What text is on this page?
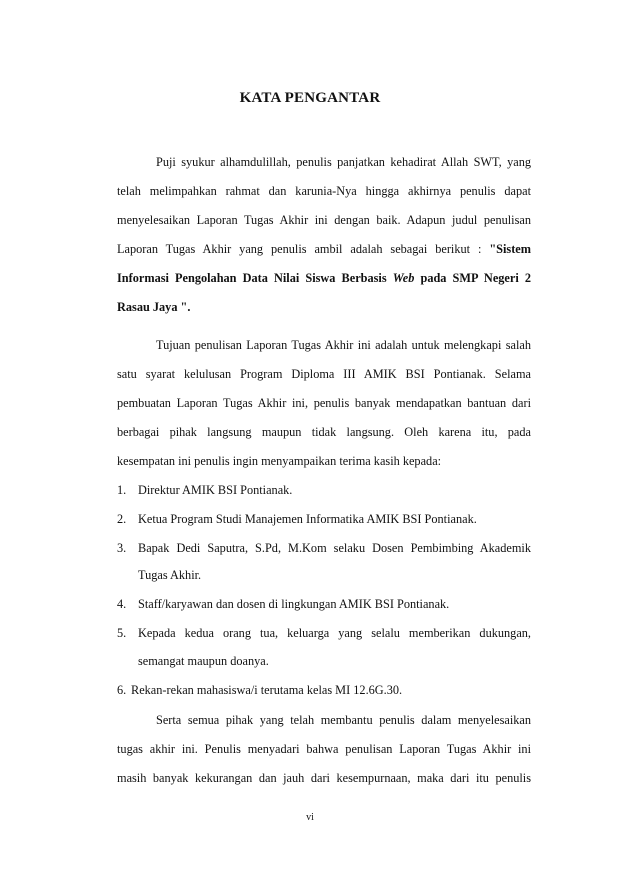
KATA PENGANTAR
Puji syukur alhamdulillah, penulis panjatkan kehadirat Allah SWT, yang
telah melimpahkan rahmat dan karunia-Nya hingga akhirnya penulis dapat
menyelesaikan Laporan Tugas Akhir ini dengan baik. Adapun judul penulisan
Laporan Tugas Akhir yang penulis ambil adalah sebagai berikut : "Sistem
Informasi Pengolahan Data Nilai Siswa Berbasis Web pada SMP Negeri 2
Rasau Jaya ".
Tujuan penulisan Laporan Tugas Akhir ini adalah untuk melengkapi salah
satu syarat kelulusan Program Diploma III AMIK BSI Pontianak. Selama
pembuatan Laporan Tugas Akhir ini, penulis banyak mendapatkan bantuan dari
berbagai pihak langsung maupun tidak langsung. Oleh karena itu, pada
kesempatan ini penulis ingin menyampaikan terima kasih kepada:
1. Direktur AMIK BSI Pontianak.
2. Ketua Program Studi Manajemen Informatika AMIK BSI Pontianak.
3. Bapak Dedi Saputra, S.Pd, M.Kom selaku Dosen Pembimbing Akademik
Tugas Akhir.
4. Staff/karyawan dan dosen di lingkungan AMIK BSI Pontianak.
5. Kepada kedua orang tua, keluarga yang selalu memberikan dukungan,
semangat maupun doanya.
6. Rekan-rekan mahasiswa/i terutama kelas MI 12.6G.30.
Serta semua pihak yang telah membantu penulis dalam menyelesaikan
tugas akhir ini. Penulis menyadari bahwa penulisan Laporan Tugas Akhir ini
masih banyak kekurangan dan jauh dari kesempurnaan, maka dari itu penulis
vi
